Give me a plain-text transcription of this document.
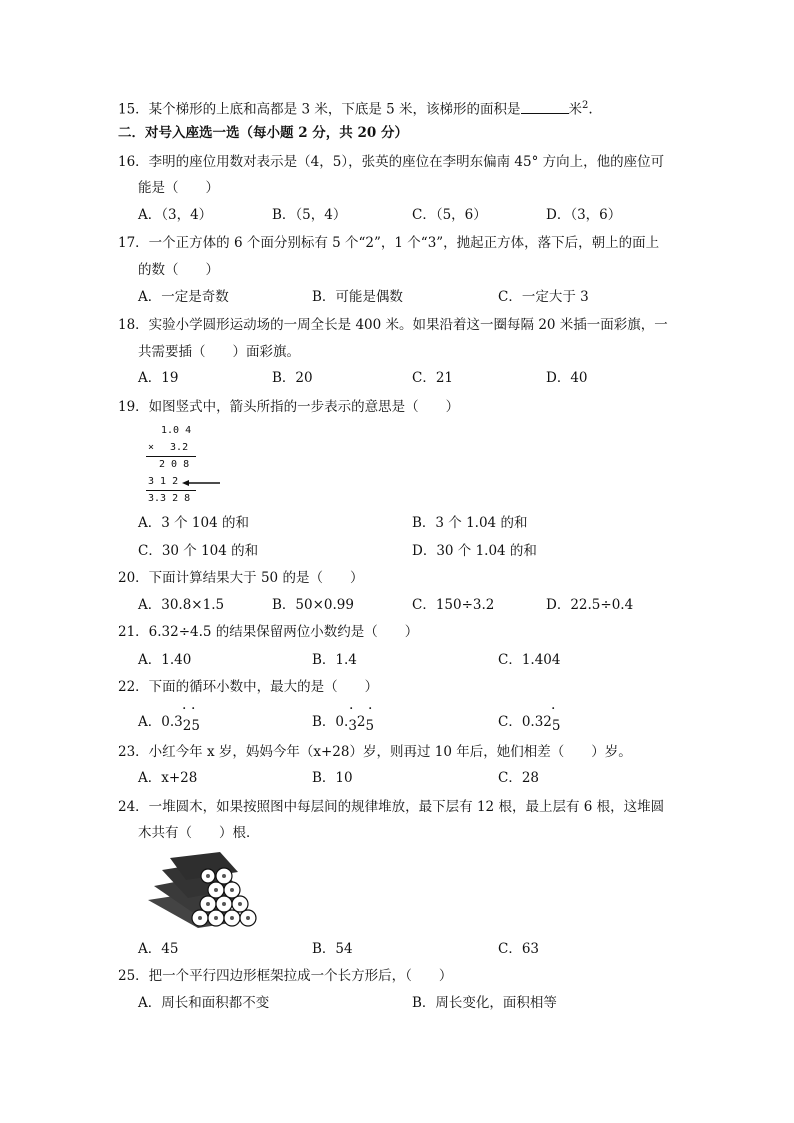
15．某个梯形的上底和高都是 3 米，下底是 5 米，该梯形的面积是	米$^2$.
二．对号入座选一选（每小题 2 分，共 20 分）
16．李明的座位用数对表示是（4，5），张英的座位在李明东偏南 45° 方向上，他的座位可
能是（　　）
A．（3，4）	B．（5，4）	C．（5，6）	D．（3，6）
17．一个正方体的 6 个面分别标有 5 个“2”，1 个“3”，抛起正方体，落下后，朝上的面上
的数（　　）
A．一定是奇数	B．可能是偶数	C．一定大于 3
18．实验小学圆形运动场的一周全长是 400 米。如果沿着这一圈每隔 20 米插一面彩旗，一
共需要插（　　）面彩旗。
A．19	B．20	C．21	D．40
19．如图竖式中，箭头所指的一步表示的意思是（　　）
1.0 4
×　 3.2
2 0 8
3 1 2
3.3 2 8
A．3 个 104 的和	B．3 个 1.04 的和
C．30 个 104 的和	D．30 个 1.04 的和
20．下面计算结果大于 50 的是（　　）
A．30.8×1.5	B．50×0.99	C．150÷3.2	D．22.5÷0.4
21．6.32÷4.5 的结果保留两位小数约是（　　）
A．1.40	B．1.4	C．1.404
22．下面的循环小数中，最大的是（　　）
A．0.325
· ·
B．0.325
· ·
C．0.325
·
23．小红今年 x 岁，妈妈今年（x+28）岁，则再过 10 年后，她们相差（　　）岁。
A．x+28	B．10	C．28
24．一堆圆木，如果按照图中每层间的规律堆放，最下层有 12 根，最上层有 6 根，这堆圆
木共有（　　）根．
A．45	B．54	C．63
25．把一个平行四边形框架拉成一个长方形后，（　　）
A．周长和面积都不变	B．周长变化，面积相等
